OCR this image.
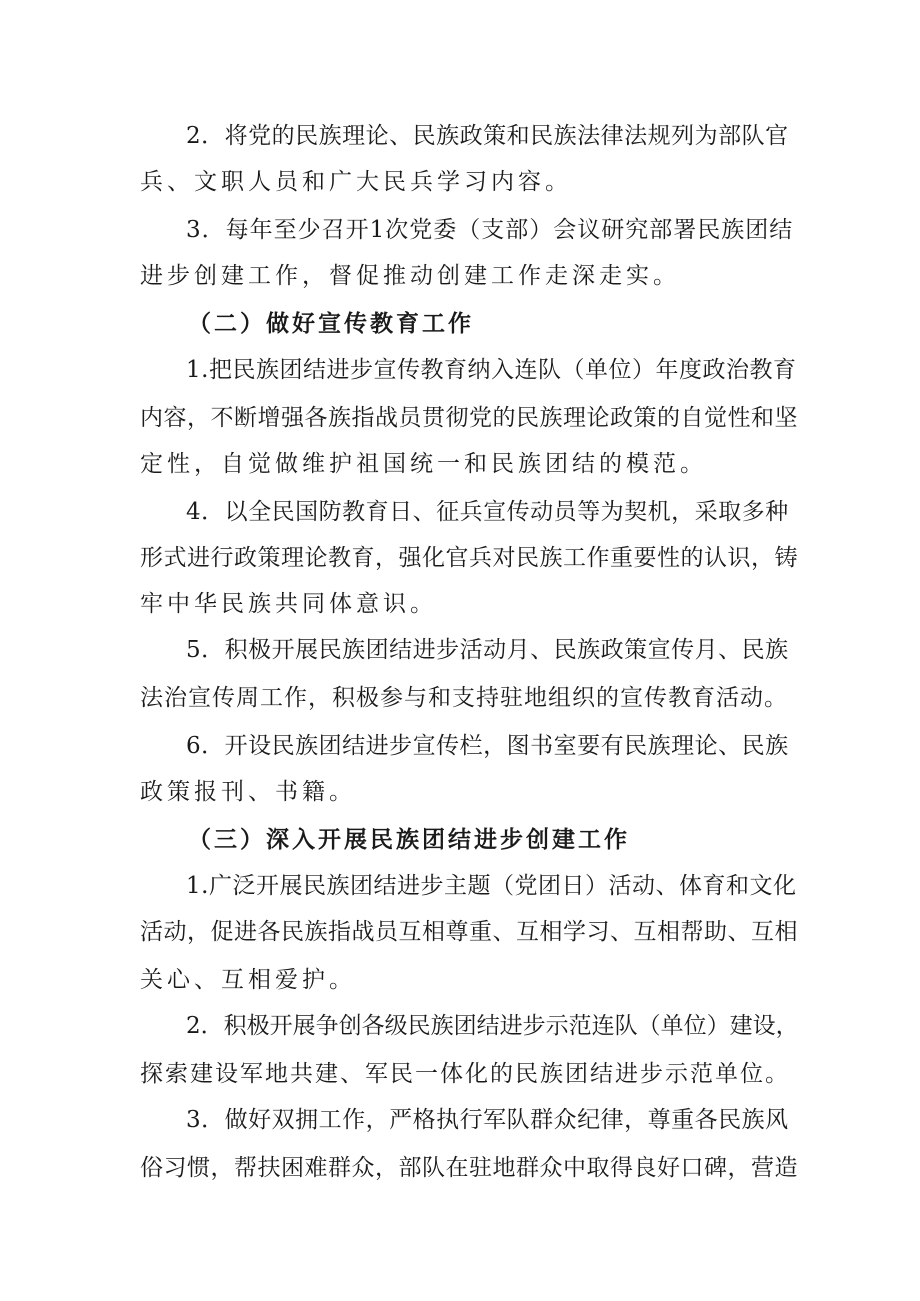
2．将党的民族理论、民族政策和民族法律法规列为部队官
兵、文职人员和广大民兵学习内容。
3．每年至少召开1次党委（支部）会议研究部署民族团结
进步创建工作，督促推动创建工作走深走实。
（二）做好宣传教育工作
1.把民族团结进步宣传教育纳入连队（单位）年度政治教育
内容，不断增强各族指战员贯彻党的民族理论政策的自觉性和坚
定性，自觉做维护祖国统一和民族团结的模范。
4．以全民国防教育日、征兵宣传动员等为契机，采取多种
形式进行政策理论教育，强化官兵对民族工作重要性的认识，铸
牢中华民族共同体意识。
5．积极开展民族团结进步活动月、民族政策宣传月、民族
法治宣传周工作，积极参与和支持驻地组织的宣传教育活动。
6．开设民族团结进步宣传栏，图书室要有民族理论、民族
政策报刊、书籍。
（三）深入开展民族团结进步创建工作
1.广泛开展民族团结进步主题（党团日）活动、体育和文化
活动，促进各民族指战员互相尊重、互相学习、互相帮助、互相
关心、互相爱护。
2．积极开展争创各级民族团结进步示范连队（单位）建设，
探索建设军地共建、军民一体化的民族团结进步示范单位。
3．做好双拥工作，严格执行军队群众纪律，尊重各民族风
俗习惯，帮扶困难群众，部队在驻地群众中取得良好口碑，营造
